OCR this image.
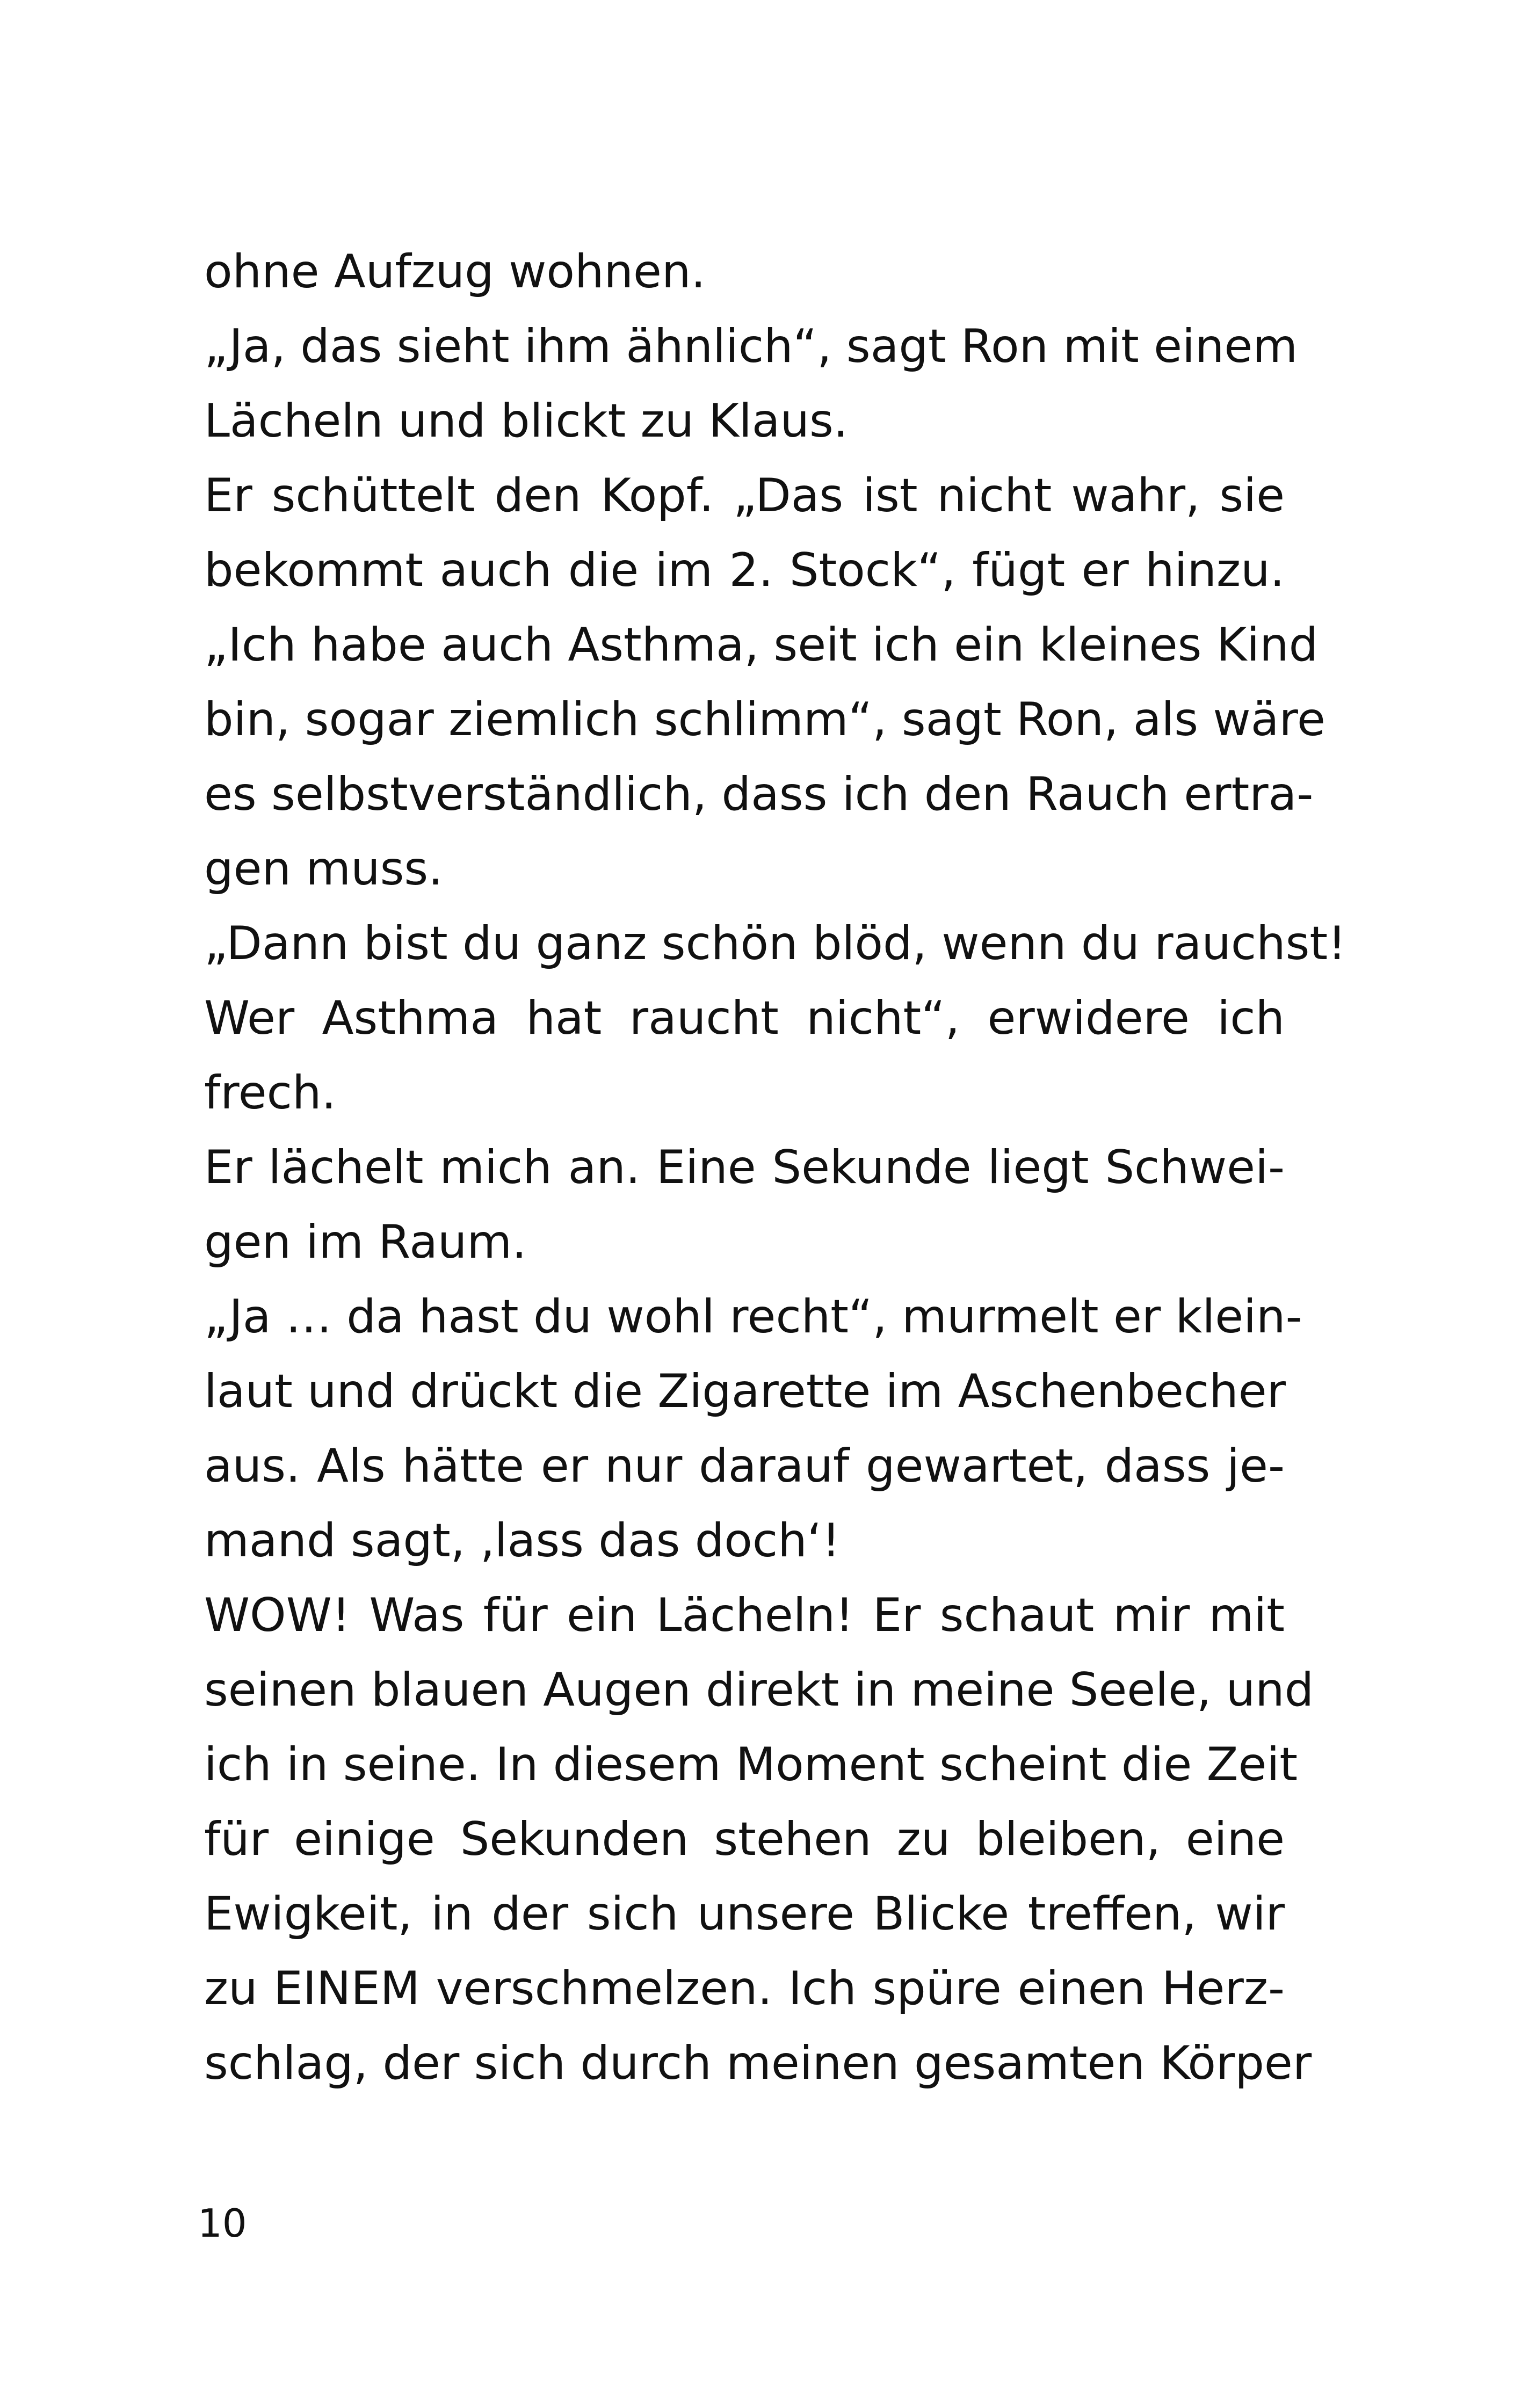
ohne Aufzug wohnen.
„Ja, das sieht ihm ähnlich“, sagt Ron mit einem
Lächeln und blickt zu Klaus.
Er schüttelt den Kopf. „Das ist nicht wahr, sie
bekommt auch die im 2. Stock“, fügt er hinzu.
„Ich habe auch Asthma, seit ich ein kleines Kind
bin, sogar ziemlich schlimm“, sagt Ron, als wäre
es selbstverständlich, dass ich den Rauch ertra-
gen muss.
„Dann bist du ganz schön blöd, wenn du rauchst!
Wer Asthma hat raucht nicht“, erwidere ich
frech.
Er lächelt mich an. Eine Sekunde liegt Schwei-
gen im Raum.
„Ja … da hast du wohl recht“, murmelt er klein-
laut und drückt die Zigarette im Aschenbecher
aus. Als hätte er nur darauf gewartet, dass je-
mand sagt, ‚lass das doch‘!
WOW! Was für ein Lächeln! Er schaut mir mit
seinen blauen Augen direkt in meine Seele, und
ich in seine. In diesem Moment scheint die Zeit
für einige Sekunden stehen zu bleiben, eine
Ewigkeit, in der sich unsere Blicke treffen, wir
zu EINEM verschmelzen. Ich spüre einen Herz-
schlag, der sich durch meinen gesamten Körper
10
